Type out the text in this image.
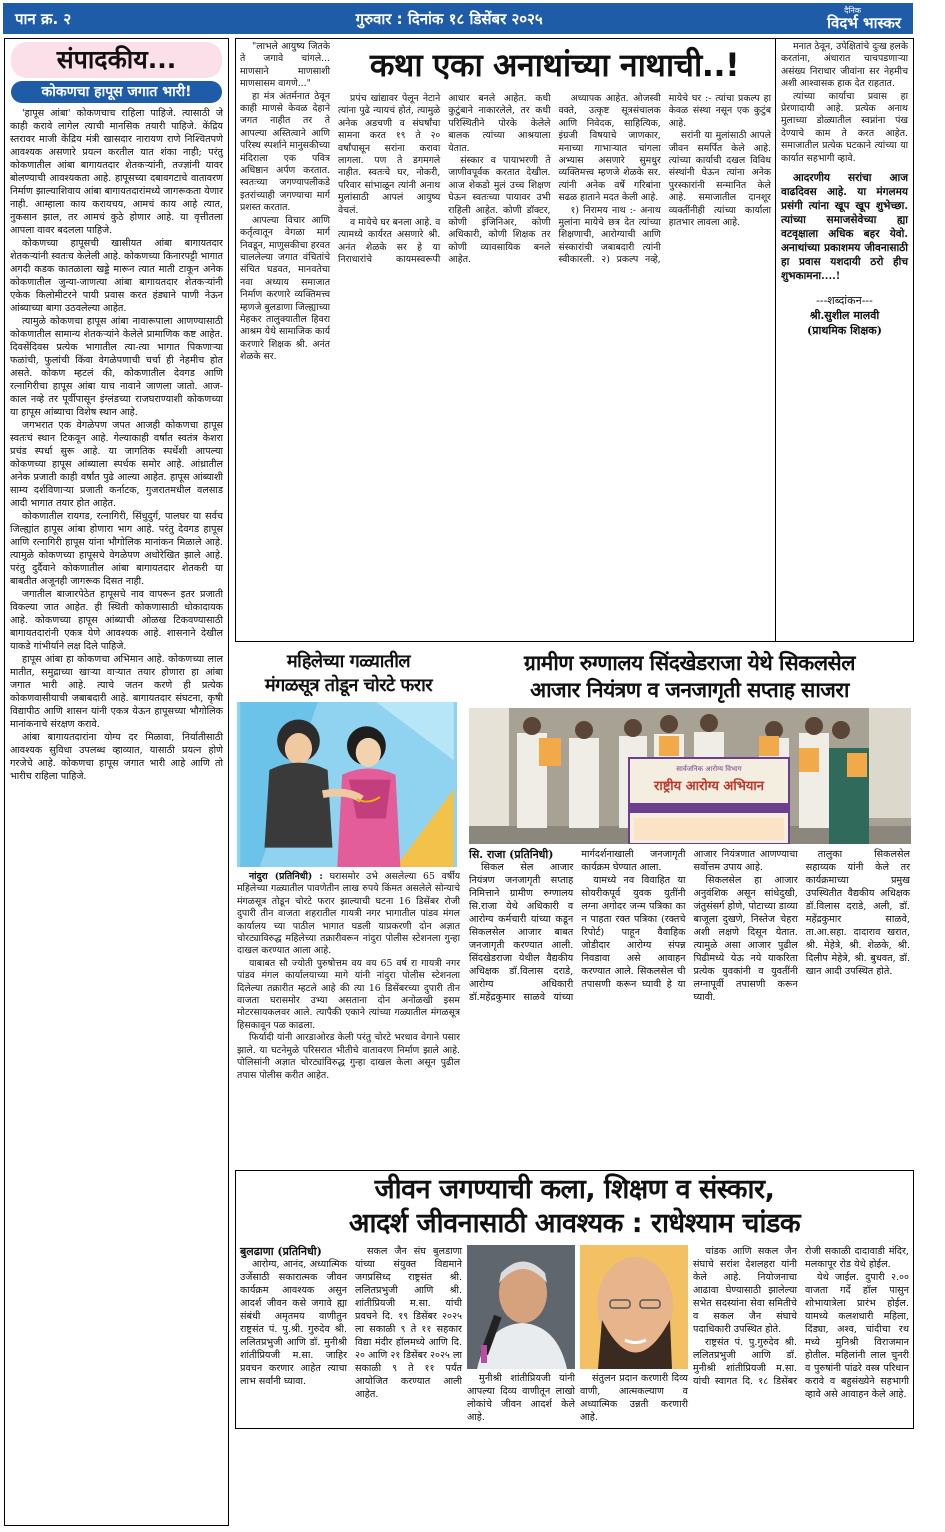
पान क्र. २	गुरुवार : दिनांक १८ डिसेंबर २०२५	दैनिक
विदर्भ भास्कर
संपादकीय...
कोकणचा हापूस जगात भारी!

'हापूस आंबा' कोकणचाच राहिला पाहिजे. त्यासाठी जे काही करावे लागेल त्याची मानसिक तयारी पाहिजे. केंद्रिय स्तरावर माजी केंद्रिय मंत्री खासदार नारायण राणे निश्चितपणे आवश्यक असणारे प्रयत्न करतील यात शंका नाही; परंतु कोकणातील आंबा बागायतदार शेतकऱ्यांनी, तज्ज्ञांनी यावर बोलण्याची आवश्यकता आहे. हापूसच्या दबावगटाचे वातावरण निर्माण झाल्याशिवाय आंबा बागायतदारांमध्ये जागरूकता येणार नाही. आम्हाला काय करायचय, आमचं काय आहे त्यात, नुकसान झाल, तर आमचं कुठे होणार आहे. या वृत्तीतला आपला वावर बदलला पाहिजे.

कोकणच्या हापूसची खासीयत आंबा बागायतदार शेतकऱ्यांनी स्वतःच केलेली आहे. कोकणच्या किनारपट्टी भागात अगदी कडक कातळाला खड्डे मारून त्यात माती टाकून अनेक कोकणातील जुन्या-जाणत्या आंबा बागायतदार शेतकऱ्यांनी एकेक किलोमीटरने पायी प्रवास करत हंड्याने पाणी नेऊन आंब्याच्या बागा उठवलेल्या आहेत.

त्यामुळे कोकणचा हापूस आंबा नावारूपाला आणण्यासाठी कोकणातील सामान्य शेतकऱ्यांने केलेले प्रामाणिक कष्ट आहेत. दिवसेंदिवस प्रत्येक भागातील त्या-त्या भागात पिकणाऱ्या फळांची, फुलांची किंवा वेगळेपणाची चर्चा ही नेहमीच होत असते. कोकण म्हटलं की, कोकणातील देवगड आणि रत्नागिरीचा हापूस आंबा याच नावाने जाणला जातो. आज-काल नव्हे तर पूर्वीपासून इंग्लंडच्या राजघराण्याशी कोकणच्या या हापूस आंब्याचा विशेष स्थान आहे.

जगभरात एक वेगळेपण जपत आजही कोकणचा हापूस स्वतःचं स्थान टिकवून आहे. गेल्याकाही वर्षांत स्वतंत्र केशरा प्रचंड स्पर्धा सुरू आहे. या जागतिक स्पर्धेशी आपल्या कोकणच्या हापूस आंब्याला स्पर्धक समोर आहे. आंध्रातील अनेक प्रजाती काही वर्षांत पुढे आल्या आहेत. हापूस आंब्याशी साम्य दर्शविणाऱ्या प्रजाती कर्नाटक, गुजरातमधील वलसाड आदी भागात तयार होत आहेत.

कोकणातील रायगड, रत्नागिरी, सिंधुदुर्ग, पालघर या सर्वच जिल्ह्यांत हापूस आंबा होणारा भाग आहे. परंतु देवगड हापूस आणि रत्नागिरी हापूस यांना भौगोलिक मानांकन मिळाले आहे. त्यामुळे कोकणच्या हापूसचे वेगळेपण अधोरेखित झाले आहे. परंतु दुर्दैवाने कोकणातील आंबा बागायतदार शेतकरी या बाबतीत अजूनही जागरूक दिसत नाही.

जगातील बाजारपेठेत हापूसचे नाव वापरून इतर प्रजाती विकल्या जात आहेत. ही स्थिती कोकणासाठी धोकादायक आहे. कोकणच्या हापूस आंब्याची ओळख टिकवण्यासाठी बागायतदारांनी एकत्र येणे आवश्यक आहे. शासनाने देखील याकडे गांभीर्याने लक्ष दिले पाहिजे.

हापूस आंबा हा कोकणचा अभिमान आहे. कोकणच्या लाल मातीत, समुद्राच्या खाऱ्या वाऱ्यात तयार होणारा हा आंबा जगात भारी आहे. त्याचे जतन करणे ही प्रत्येक कोकणवासीयाची जबाबदारी आहे. बागायतदार संघटना, कृषी विद्यापीठ आणि शासन यांनी एकत्र येऊन हापूसच्या भौगोलिक मानांकनाचे संरक्षण करावे.

आंबा बागायतदारांना योग्य दर मिळावा, निर्यातीसाठी आवश्यक सुविधा उपलब्ध व्हाव्यात, यासाठी प्रयत्न होणे गरजेचे आहे. कोकणचा हापूस जगात भारी आहे आणि तो भारीच राहिला पाहिजे.

"लाभले आयुष्य जितके ते जगावे चांगले... माणसाने माणसाशी माणसासम वागणे..."

हा मंत्र अंतर्मनात ठेवून काही माणसे केवळ देहाने जगत नाहीत तर ते आपल्या अस्तित्वाने आणि परिस्थ स्पर्शाने मानुसकीच्या मंदिराला एक पवित्र अधिष्ठान अर्पण करतात. स्वतःच्या जगण्यापलीकडे इतरांच्याही जगण्याचा मार्ग प्रशस्त करतात.

आपल्या विचार आणि कर्तृत्वातून वेगळा मार्ग निवडून, माणुसकीचा हरवत चाललेल्या जगात वंचितांचे संचित घडवत, मानवतेचा नवा अध्याय समाजात निर्माण करणारे व्यक्तिमत्त्व म्हणजे बुलडाणा जिल्ह्याच्या मेहकर तालुक्यातील हिवरा आश्रम येथे सामाजिक कार्य करणारे शिक्षक श्री. अनंत शेळके सर.

कथा एका अनाथांच्या नाथाची..!

प्रपंच खांद्यावर पेलून नेटाने त्यांना पुढे न्यायचं होतं, त्यामुळे अनेक अडचणी व संघर्षांचा सामना करत १९ ते २० वर्षांपासून सरांना करावा लागला. पण ते डगमगले नाहीत. स्वतःचे घर, नोकरी, परिवार सांभाळून त्यांनी अनाथ मुलांसाठी आपलं आयुष्य वेचलं.

व मायेचे घर बनला आहे. व त्यामध्ये कार्यरत असणारे श्री. अनंत शेळके सर हे या निराधारांचे कायमस्वरूपी आधार बनले आहेत. कधी कुटुंबाने नाकारलेले, तर कधी परिस्थितीने पोरके केलेले बालक त्यांच्या आश्रयाला येतात.

संस्कार व पायाभरणी ते जाणीवपूर्वक करतात देखील. आज शेकडो मुलं उच्च शिक्षण घेऊन स्वतःच्या पायावर उभी राहिली आहेत. कोणी डॉक्टर, कोणी इंजिनिअर, कोणी अधिकारी, कोणी शिक्षक तर कोणी व्यावसायिक बनले आहेत.

अध्यापक आहेत. ओजस्वी वक्ते, उत्कृष्ट सूत्रसंचालक आणि निवेदक, साहित्यिक, इंग्रजी विषयाचे जाणकार, मनाच्या गाभाऱ्यात चांगला अभ्यास असणारे सुमधुर व्यक्तिमत्त्व म्हणजे शेळके सर. त्यांनी अनेक वर्षे गरिबांना सढळ हाताने मदत केली आहे.

१) निरामय नाथ :- अनाथ मुलांना मायेचे छत्र देत त्यांच्या शिक्षणाची, आरोग्याची आणि संस्कारांची जबाबदारी त्यांनी स्वीकारली. २) प्रकल्प नव्हे, मायेचे घर :- त्यांचा प्रकल्प हा केवळ संस्था नसून एक कुटुंब आहे.

सरांनी या मुलांसाठी आपले जीवन समर्पित केले आहे. त्यांच्या कार्याची दखल विविध संस्थांनी घेऊन त्यांना अनेक पुरस्कारांनी सन्मानित केले आहे. समाजातील दानशूर व्यक्तींनीही त्यांच्या कार्याला हातभार लावला आहे.

मनात ठेवून, उपेक्षितांचे दुःख हलके करतांना, अंधारात चाचपडणाऱ्या असंख्य निराधार जीवांना सर नेहमीच अशी आश्वासक हाक देत राहतात.

त्यांच्या कार्याचा प्रवास हा प्रेरणादायी आहे. प्रत्येक अनाथ मुलाच्या डोळ्यातील स्वप्नांना पंख देण्याचे काम ते करत आहेत. समाजातील प्रत्येक घटकाने त्यांच्या या कार्यात सहभागी व्हावे.

आदरणीय सरांचा आज वाढदिवस आहे. या मंगलमय प्रसंगी त्यांना खूप खूप शुभेच्छा. त्यांच्या समाजसेवेच्या ह्या वटवृक्षाला अधिक बहर येवो. अनाथांच्या प्रकाशमय जीवनासाठी हा प्रवास यशदायी ठरो हीच शुभकामना....!

---शब्दांकन---
श्री.सुशील मालवी
(प्राथमिक शिक्षक)
महिलेच्या गळ्यातील
मंगळसूत्र तोडून चोरटे फरार

नांदुरा (प्रतिनिधी) : घरासमोर उभे असलेल्या 65 वर्षीय महिलेच्या गळ्यातील पावणेतीन लाख रुपये किंमत असलेले सोन्याचे मंगळसूत्र तोडून चोरटे फरार झाल्याची घटना 16 डिसेंबर रोजी दुपारी तीन वाजता शहरातील गायत्री नगर भागातील पांडव मंगल कार्यालय च्या पाठील भागात घडली याप्रकरणी दोन अज्ञात चोरट्याविरुद्ध महिलेच्या तक्रारीवरून नांदुरा पोलीस स्टेशनला गुन्हा दाखल करण्यात आला आहे.

याबाबत सौ ज्योती पुरुषोत्तम वय वय 65 वर्ष रा गायत्री नगर पांडव मंगल कार्यालयाच्या मागे यांनी नांदुरा पोलीस स्टेशनला दिलेल्या तक्रारीत म्हटले आहे की त्या 16 डिसेंबरच्या दुपारी तीन वाजता घरासमोर उभ्या असताना दोन अनोळखी इसम मोटरसायकलवर आले. त्यापैकी एकाने त्यांच्या गळ्यातील मंगळसूत्र हिसकावून पळ काढला.

फिर्यादी यांनी आरडाओरड केली परंतु चोरटे भरधाव वेगाने पसार झाले. या घटनेमुळे परिसरात भीतीचे वातावरण निर्माण झाले आहे. पोलिसांनी अज्ञात चोरट्यांविरुद्ध गुन्हा दाखल केला असून पुढील तपास पोलीस करीत आहेत.

ग्रामीण रुग्णालय सिंदखेडराजा येथे सिकलसेल
आजार नियंत्रण व जनजागृती सप्ताह साजरा
राष्ट्रीय आरोग्य अभियान
सार्वजनिक आरोग्य विभाग
सि. राजा (प्रतिनिधी)

सिकल सेल आजार नियंत्रण जनजागृती सप्ताह निमित्ताने ग्रामीण रुग्णालय सि.राजा येथे अधिकारी व आरोग्य कर्मचारी यांच्या कडून सिकलसेल आजार बाबत जनजागृती करण्यात आली. सिंदखेडराजा येथील वैद्यकीय अधिक्षक डॉ.विलास दराडे, आरोग्य अधिकारी डॉ.महेंद्रकुमार साळवे यांच्या मार्गदर्शनाखाली जनजागृती कार्यक्रम घेण्यात आला.

यामध्ये नव विवाहित या सोयरीकपूर्व युवक युतींनी लग्ना अगोदर जन्म पत्रिका का न पाहता रक्त पत्रिका (रक्तचे रिपोर्ट) पाहून वैवाहिक जोडीदार आरोग्य संपन्न निवडावा असे आवाहन करण्यात आले. सिकलसेल ची तपासणी करून घ्यावी हे या आजार नियंत्रणात आणण्याचा सर्वोत्तम उपाय आहे.

सिकलसेल हा आजार अनुवंशिक असून सांधेदुखी, जंतुसंसर्ग होणे, पोटाच्या डाव्या बाजूला दुखणे, निस्तेज चेहरा अशी लक्षणे दिसून येतात. त्यामुळे असा आजार पुढील पिढीमध्ये येऊ नये याकरिता प्रत्येक युवकांनी व युवतींनी लग्नापूर्वी तपासणी करून घ्यावी.

तालुका सिकलसेल सहाय्यक यांनी केले तर कार्यक्रमाच्या प्रमुख उपस्थितीत वैद्यकीय अधिक्षक डॉ.विलास दराडे, अली, डॉ. महेंद्रकुमार साळवे, ता.आ.सहा. दादाराव खरात, श्री. मेहेत्रे, श्री. शेळके, श्री. दिलीप मेहेत्रे, श्री. बुधवत, डॉ. खान आदी उपस्थित होते.

जीवन जगण्याची कला, शिक्षण व संस्कार,
आदर्श जीवनासाठी आवश्यक : राधेश्याम चांडक
बुलढाणा (प्रतिनिधी)

आरोग्य, आनंद, अध्यात्मिक उर्जेसाठी सकारात्मक जीवन कार्यक्रम आवश्यक असुन आदर्श जीवन कसे जगावे ह्या संबंधी अमृतमय वाणीतुन राष्ट्रसंत पं. पु.श्री. गुरुदेव श्री. ललितप्रभुजी आणि डॉ. मुनीश्री शांतीप्रियजी म.सा. जाहिर प्रवचन करणार आहेत त्याचा लाभ सर्वांनी घ्यावा.

सकल जैन संघ बुलडाणा यांच्या संयुक्त विद्यमाने जगप्रसिध्द राष्ट्रसंत श्री. ललितप्रभुजी आणि श्री. शांतीप्रियजी म.सा. यांची प्रवचने दि. १९ डिसेंबर २०२५ ला सकाळी ९ ते ११ सहकार विद्या मंदीर हॉलमध्ये आणि दि. २० आणि २१ डिसेंबर २०२५ ला सकाळी ९ ते ११ पर्यंत आयोजित करण्यात आली आहेत.

मुनीश्री शांतीप्रियजी यांनी आपल्या दिव्य वाणीतून लाखो लोकांचे जीवन आदर्श केले आहे.

संतुलन प्रदान करणारी दिव्य वाणी, आत्मकल्याण व अध्यात्मिक उन्नती करणारी आहे.

चांडक आणि सकल जैन संघाचे सरांश देशलहरा यांनी केले आहे. नियोजनाचा आढावा घेण्यासाठी झालेल्या सभेत सदस्यांना सेवा समितीचे व सकल जैन संघाचे पदाधिकारी उपस्थित होते.

राष्ट्रसंत पं. पु.गुरुदेव श्री. ललितप्रभुजी आणि डॉ. मुनीश्री शांतीप्रियजी म.सा. यांची स्वागत दि. १८ डिसेंबर रोजी सकाळी दादावाडी मंदिर, मलकापूर रोड येथे होईल.

येथे जाईल. दुपारी २.०० वाजता गर्दे हॉल पासुन शोभायात्रेला प्रारंभ होईल. यामध्ये कलशधारी महिला, दिंड्या, अश्व, चांदीचा रथ मध्ये मुनिश्री विराजमान होतील. महिलांनी लाल चुनरी व पुरुषांनी पांढरे वस्त्र परिधान करावे व बहुसंख्येने सहभागी व्हावे असे आवाहन केले आहे.
